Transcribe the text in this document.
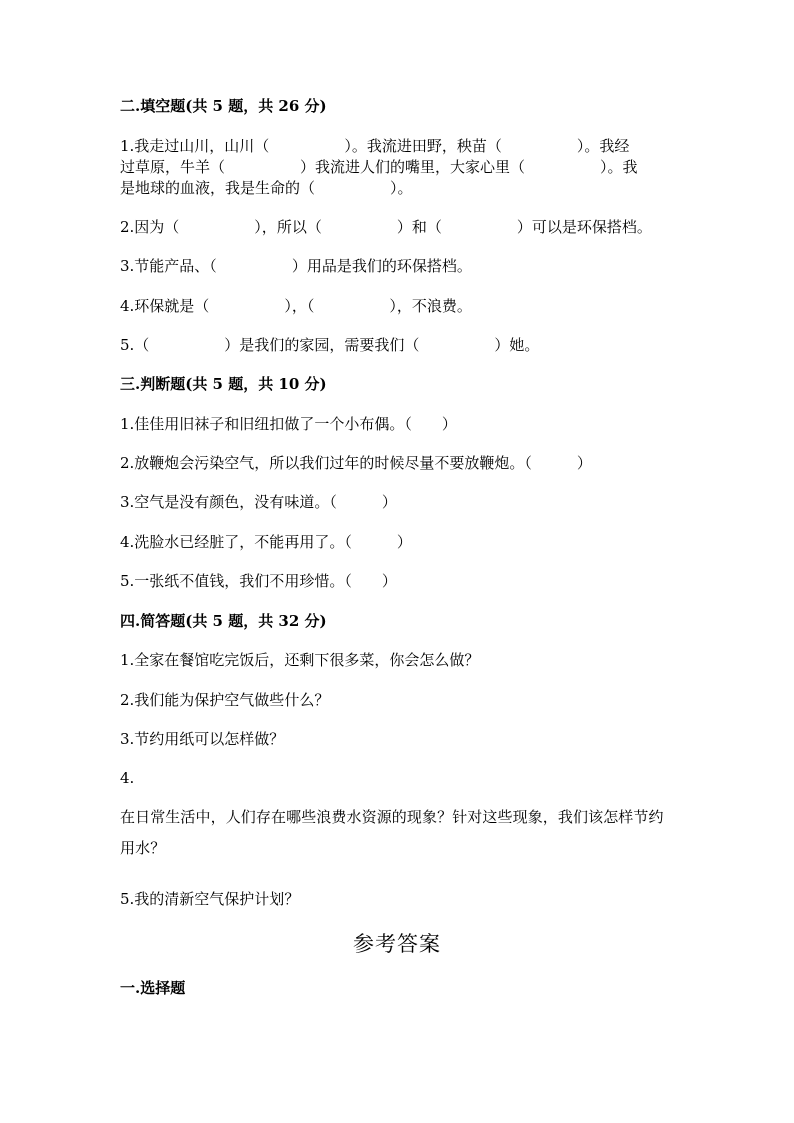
二.填空题(共 5 题，共 26 分)
1.我走过山川，山川（　　　　　）。我流进田野，秧苗（　　　　　）。我经
过草原，牛羊（　　　　　）我流进人们的嘴里，大家心里（　　　　　）。我
是地球的血液，我是生命的（　　　　　）。
2.因为（　　　　　），所以（　　　　　）和（　　　　　）可以是环保搭档。
3.节能产品、（　　　　　）用品是我们的环保搭档。
4.环保就是（　　　　　），（　　　　　），不浪费。
5.（　　　　　）是我们的家园，需要我们（　　　　　）她。
三.判断题(共 5 题，共 10 分)
1.佳佳用旧袜子和旧纽扣做了一个小布偶。（　　）
2.放鞭炮会污染空气，所以我们过年的时候尽量不要放鞭炮。（　　　）
3.空气是没有颜色，没有味道。（　　　）
4.洗脸水已经脏了，不能再用了。（　　　）
5.一张纸不值钱，我们不用珍惜。（　　）
四.简答题(共 5 题，共 32 分)
1.全家在餐馆吃完饭后，还剩下很多菜，你会怎么做？
2.我们能为保护空气做些什么？
3.节约用纸可以怎样做？
4.
在日常生活中，人们存在哪些浪费水资源的现象？针对这些现象，我们该怎样节约用水？
5.我的清新空气保护计划？
参考答案
一.选择题
